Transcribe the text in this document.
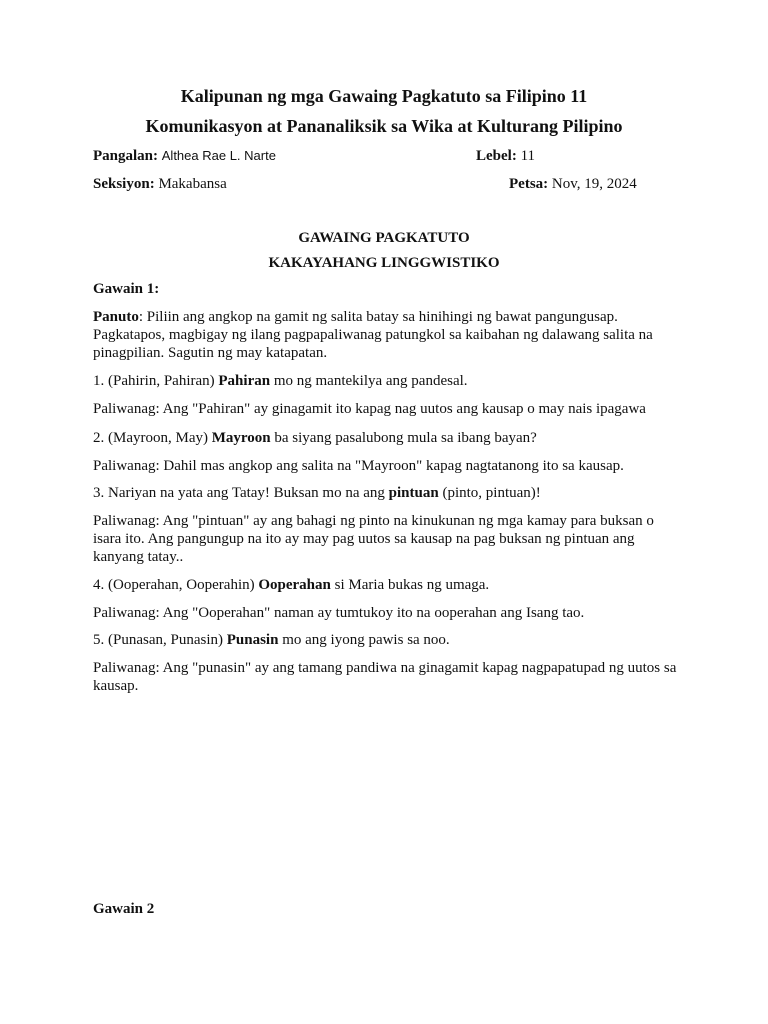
Kalipunan ng mga Gawaing Pagkatuto sa Filipino 11
Komunikasyon at Pananaliksik sa Wika at Kulturang Pilipino
Pangalan: Althea Rae L. Narte	Lebel: 11
Seksiyon: Makabansa	Petsa: Nov, 19, 2024
GAWAING PAGKATUTO
KAKAYAHANG LINGGWISTIKO
Gawain 1:

Panuto: Piliin ang angkop na gamit ng salita batay sa hinihingi ng bawat pangungusap. Pagkatapos, magbigay ng ilang pagpapaliwanag patungkol sa kaibahan ng dalawang salita na pinagpilian. Sagutin ng may katapatan.

1. (Pahirin, Pahiran) Pahiran mo ng mantekilya ang pandesal.

Paliwanag: Ang "Pahiran" ay ginagamit ito kapag nag uutos ang kausap o may nais ipagawa

2. (Mayroon, May) Mayroon ba siyang pasalubong mula sa ibang bayan?

Paliwanag: Dahil mas angkop ang salita na "Mayroon" kapag nagtatanong ito sa kausap.

3. Nariyan na yata ang Tatay! Buksan mo na ang pintuan (pinto, pintuan)!

Paliwanag: Ang "pintuan" ay ang bahagi ng pinto na kinukunan ng mga kamay para buksan o isara ito. Ang pangungup na ito ay may pag uutos sa kausap na pag buksan ng pintuan ang kanyang tatay..

4. (Ooperahan, Ooperahin) Ooperahan si Maria bukas ng umaga.

Paliwanag: Ang "Ooperahan" naman ay tumtukoy ito na ooperahan ang Isang tao.

5. (Punasan, Punasin) Punasin mo ang iyong pawis sa noo.

Paliwanag: Ang "punasin" ay ang tamang pandiwa na ginagamit kapag nagpapatupad ng uutos sa kausap.

Gawain 2
